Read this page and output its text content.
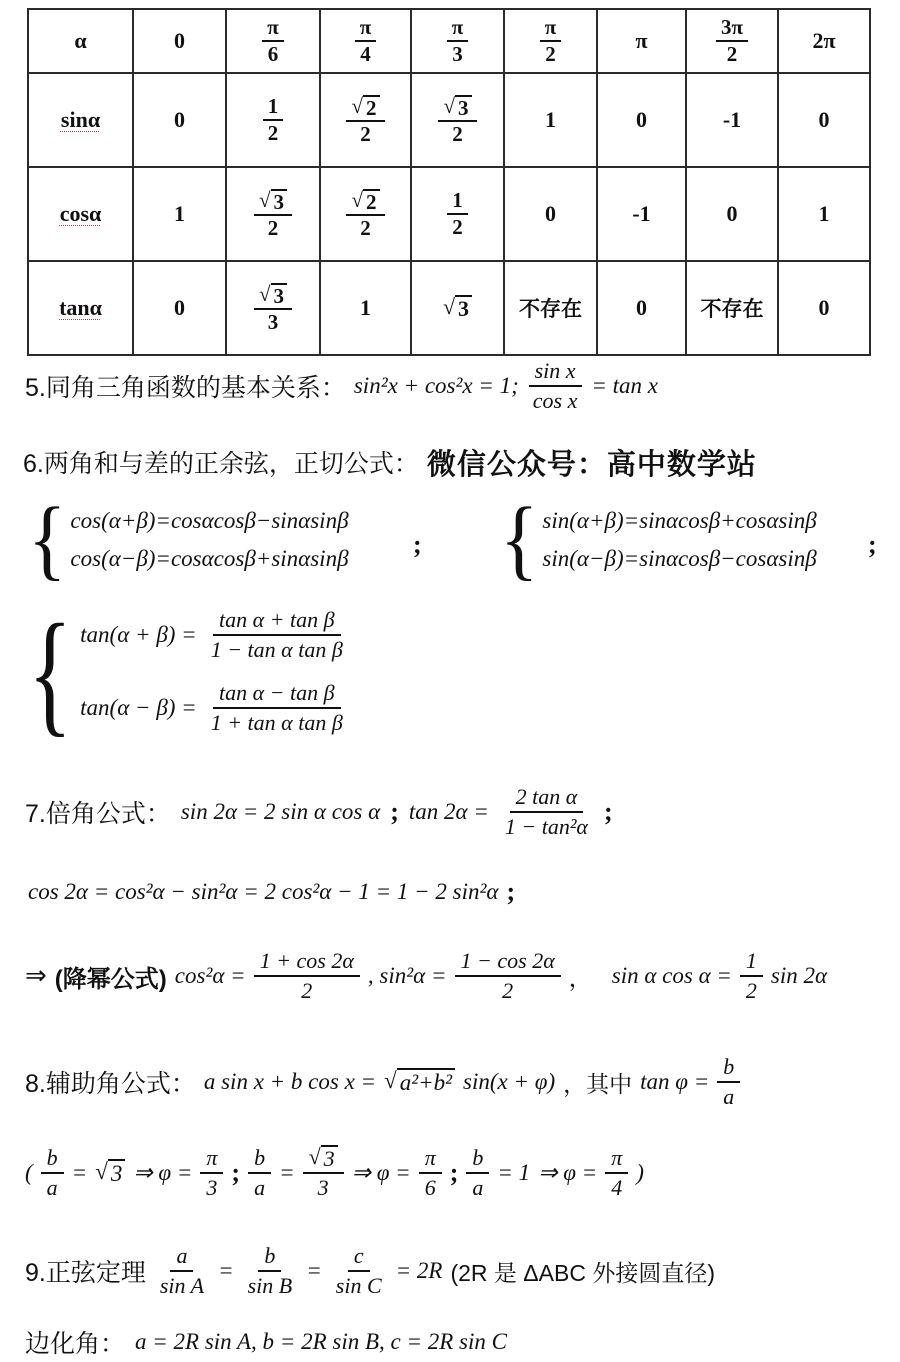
α	0	$\frac{\pi}{6}$	$\frac{\pi}{4}$	$\frac{\pi}{3}$	$\frac{\pi}{2}$	π	$\frac{3\pi}{2}$	2π
sinα	0	$\frac{1}{2}$	$\frac{√ 2}{2}$	$\frac{√ 3}{2}$	1	0	-1	0
cosα	1	$\frac{√ 3}{2}$	$\frac{√ 2}{2}$	$\frac{1}{2}$	0	-1	0	1
tanα	0	$\frac{√ 3}{3}$	1	√ 3	不存在	0	不存在	0
5.同角三角函数的基本关系： sin²x + cos²x = 1; $\frac{\text{sin x}}{\text{cos x}} = \tan x$
6.两角和与差的正余弦，正切公式： 微信公众号：高中数学站
{ cos(α+β)=cosαcosβ−sinαsinβ
cos(α−β)=cosαcosβ+sinαsinβ ; { sin(α+β)=sinαcosβ+cosαsinβ
sin(α−β)=sinαcosβ−cosαsinβ ;
{ $\tan(\alpha + \beta) = \frac{\text{tan α + tan β}}{\text{1 − tan α tan β}}$
$\tan(\alpha - \beta) = \frac{\text{tan α − tan β}}{\text{1 + tan α tan β}}$
7.倍角公式： sin 2α = 2 sin α cos α ; $\tan 2\alpha = \frac{\text{2 tan α}}{\text{1 − tan²α}}$ ;
cos 2α = cos²α − sin²α = 2 cos²α − 1 = 1 − 2 sin²α ;
⇒ (降幂公式) $\cos^2\alpha = \frac{1 + \cos 2\alpha}{2}$ , $\sin^2\alpha = \frac{1 - \cos 2\alpha}{2}$ ， sin α $\cos \alpha = \frac{1}{2}$ sin 2α
8.辅助角公式： a sin x + b cos x = √ a²+b² sin(x + φ) ，其中 $\tan \varphi = \frac{b}{a}$
( $\frac{b}{a}$ = √ 3 ⇒ $\varphi = \frac{\pi}{3}$ ; $\frac{b}{a} = \frac{√ 3}{3}$ ⇒ $\varphi = \frac{\pi}{6}$ ; $\frac{b}{a} = 1$ ⇒ $\varphi = \frac{\pi}{4}$ )
9.正弦定理 $\frac{a}{\text{sin A}} = \frac{b}{\text{sin B}} = \frac{c}{\text{sin C}} = 2R$ (2R 是 ΔABC 外接圆直径)
边化角： a = 2R sin A, b = 2R sin B, c = 2R sin C
